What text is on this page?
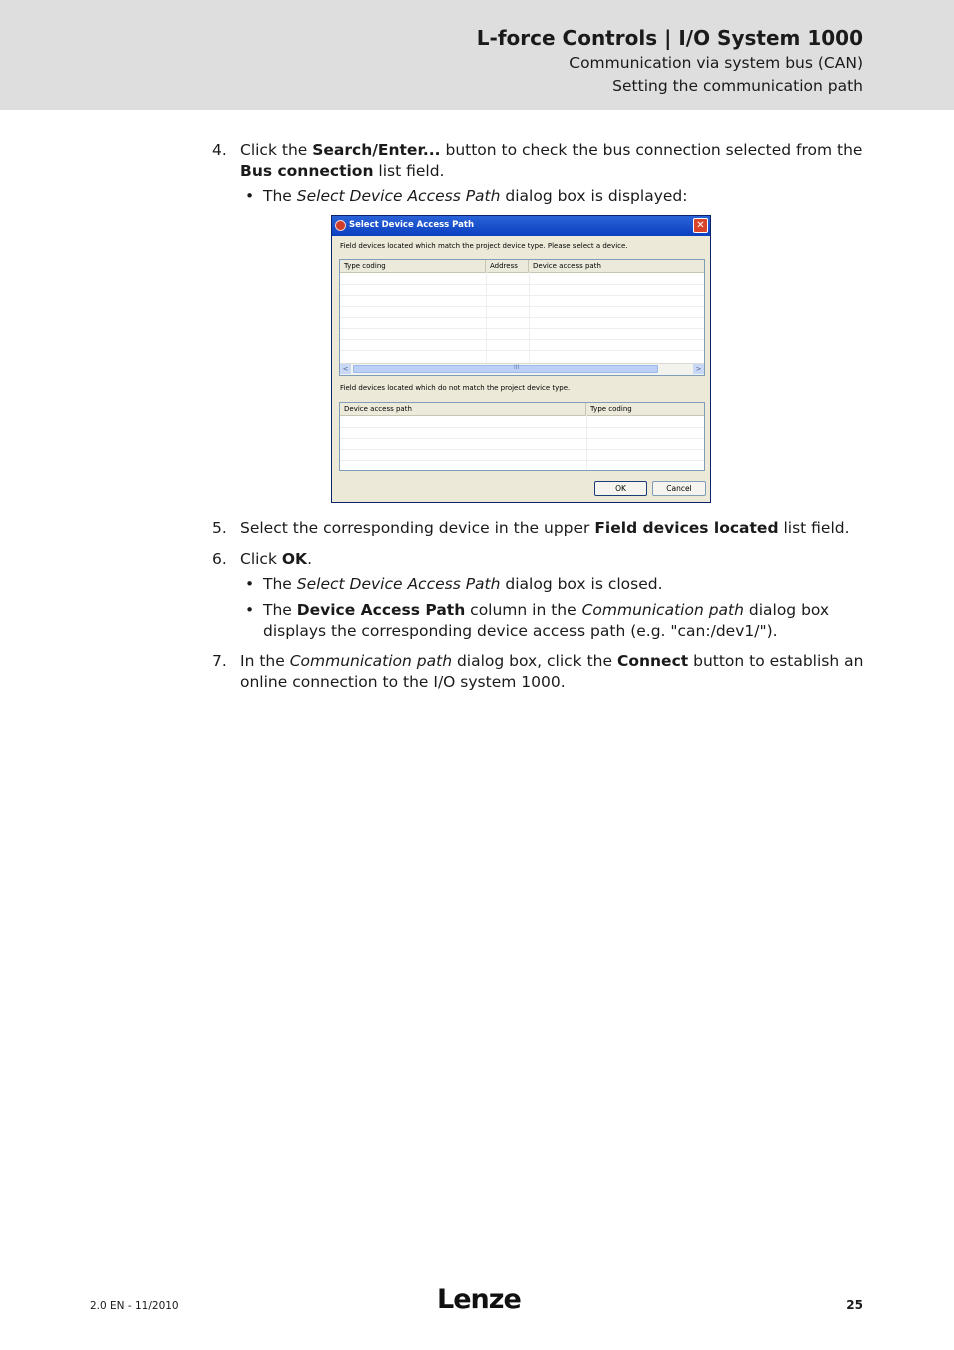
L-force Controls | I/O System 1000
Communication via system bus (CAN)
Setting the communication path
4. Click the Search/Enter... button to check the bus connection selected from the Bus connection list field.
• The Select Device Access Path dialog box is displayed:
5. Select the corresponding device in the upper Field devices located list field.
6. Click OK.
• The Select Device Access Path dialog box is closed.
• The Device Access Path column in the Communication path dialog box displays the corresponding device access path (e.g. "can:/dev1/").
7. In the Communication path dialog box, click the Connect button to establish an online connection to the I/O system 1000.
Select Device Access Path	✕
Field devices located which match the project device type. Please select a device.
Type coding	Address	Device access path
<	III	>
Field devices located which do not match the project device type.
Device access path	Type coding
OK	Cancel
2.0 EN - 11/2010	Lenze	25
